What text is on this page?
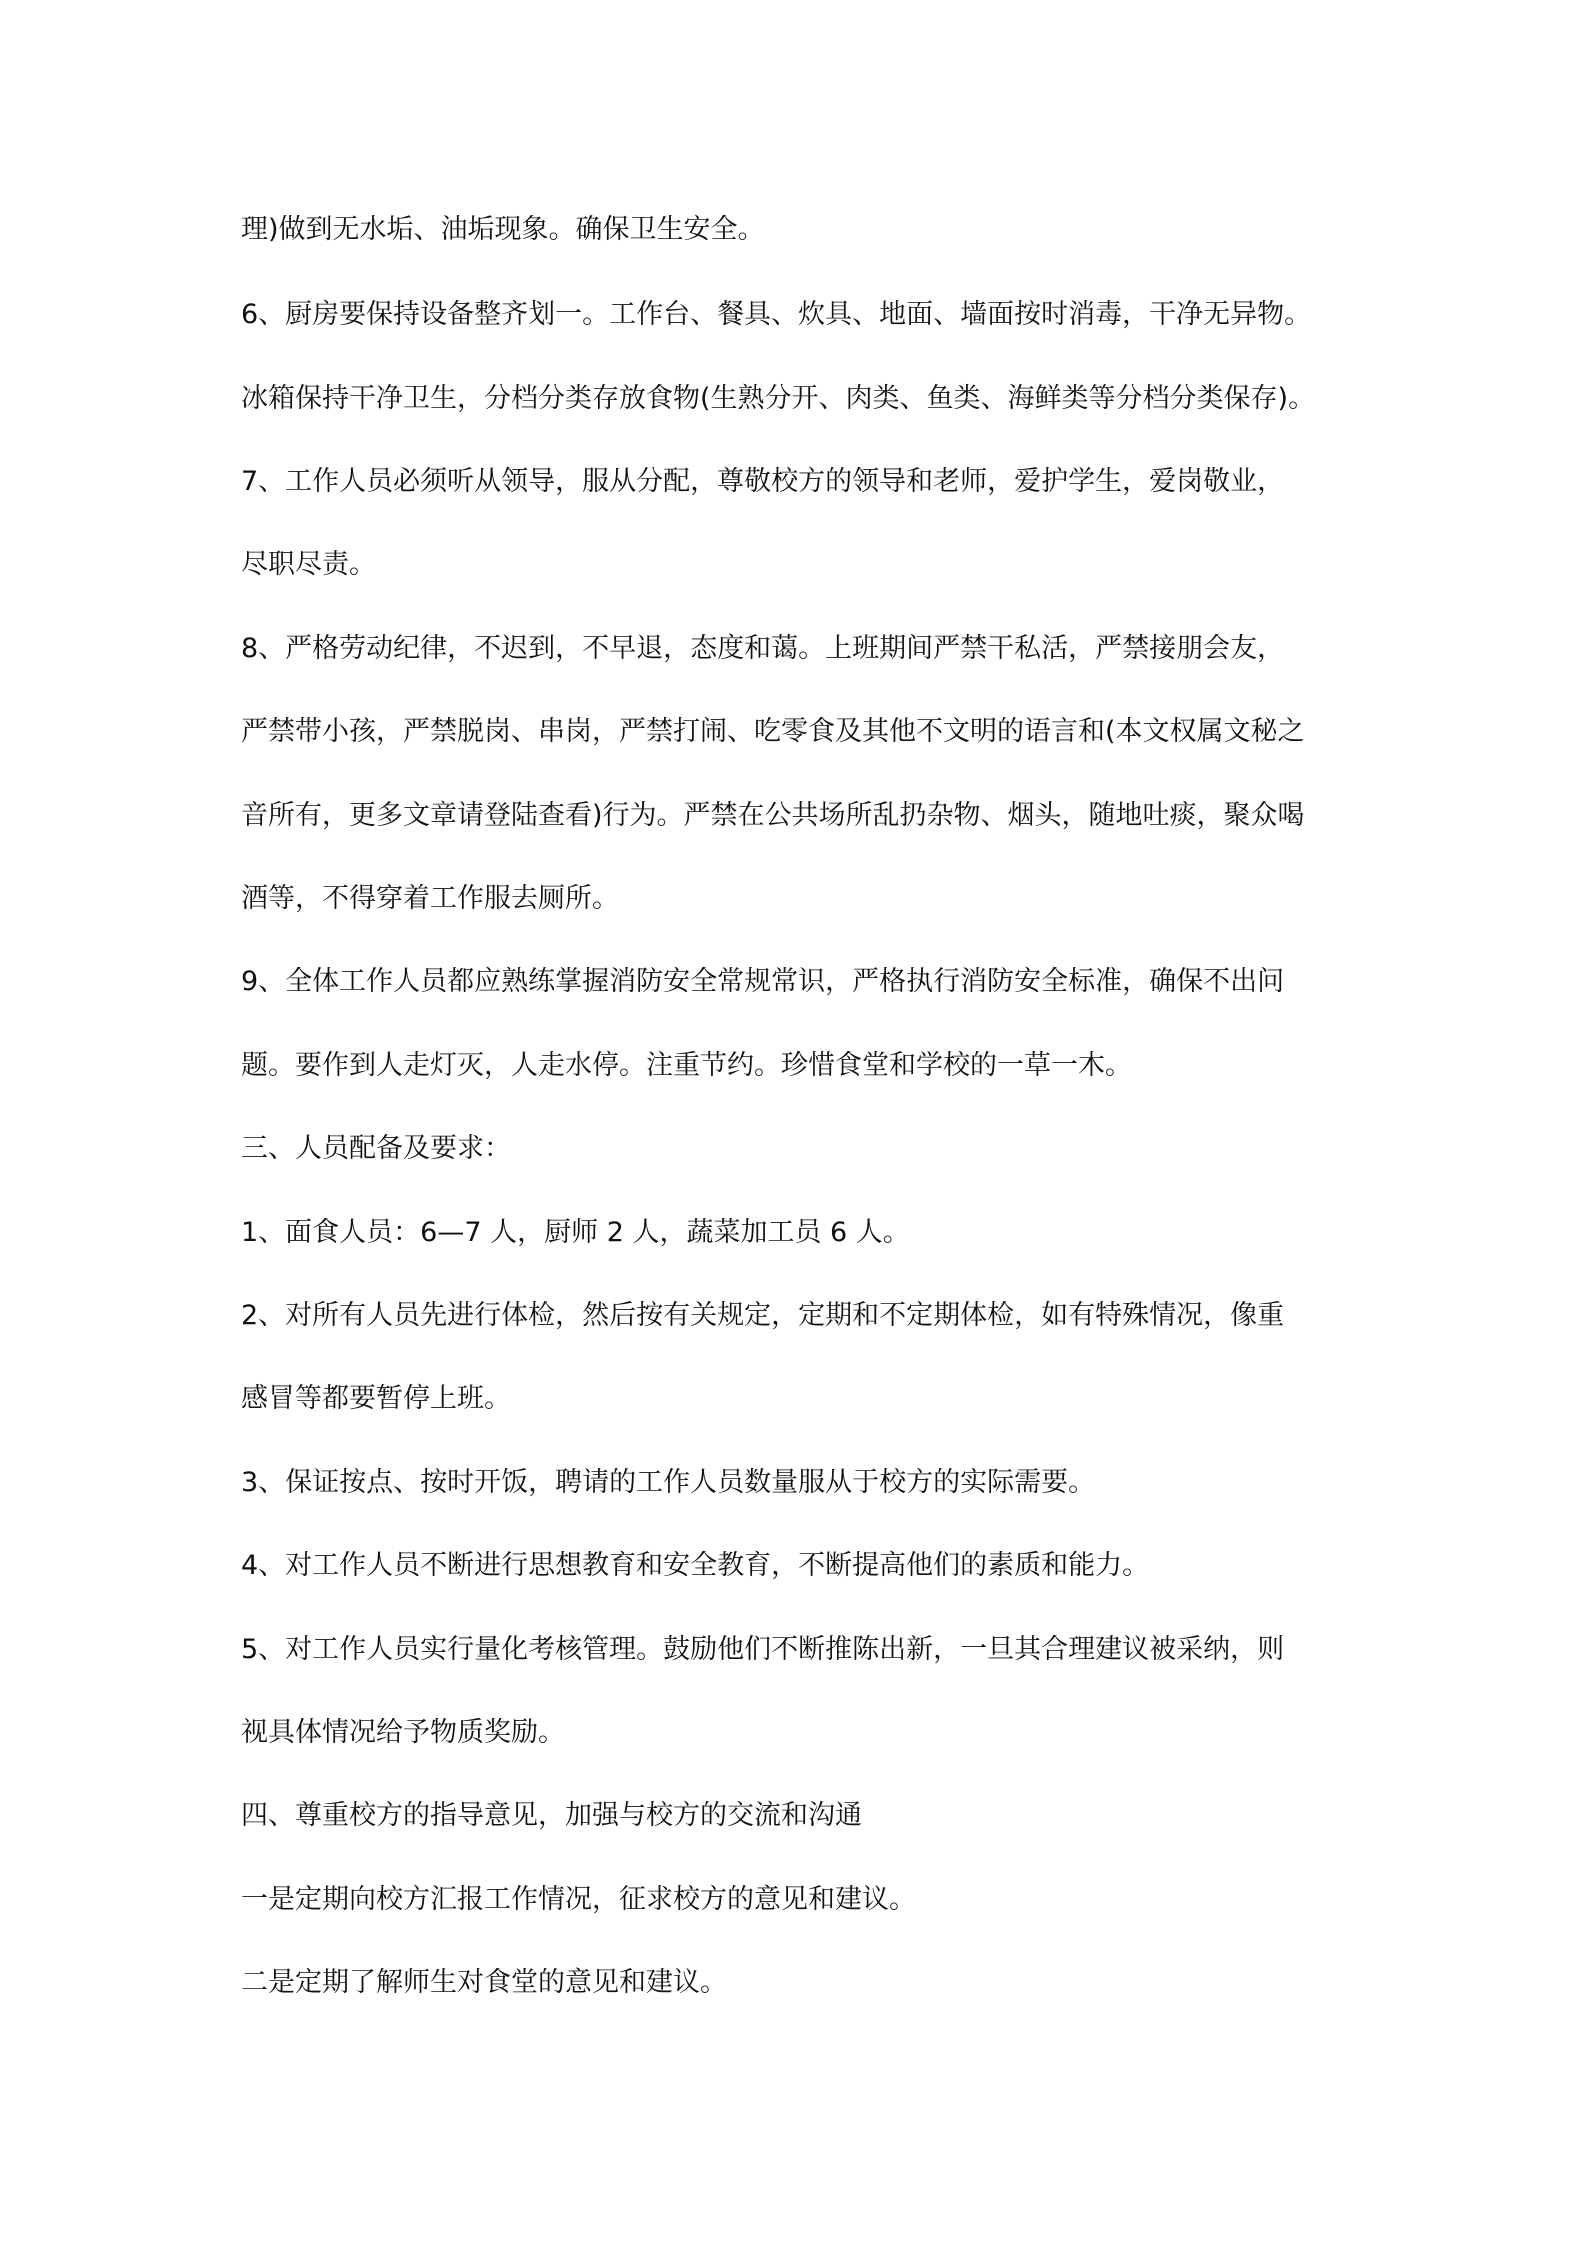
理)做到无水垢、油垢现象。确保卫生安全。
6、厨房要保持设备整齐划一。工作台、餐具、炊具、地面、墙面按时消毒，干净无异物。
冰箱保持干净卫生，分档分类存放食物(生熟分开、肉类、鱼类、海鲜类等分档分类保存)。
7、工作人员必须听从领导，服从分配，尊敬校方的领导和老师，爱护学生，爱岗敬业，
尽职尽责。
8、严格劳动纪律，不迟到，不早退，态度和蔼。上班期间严禁干私活，严禁接朋会友，
严禁带小孩，严禁脱岗、串岗，严禁打闹、吃零食及其他不文明的语言和(本文权属文秘之
音所有，更多文章请登陆查看)行为。严禁在公共场所乱扔杂物、烟头，随地吐痰，聚众喝
酒等，不得穿着工作服去厕所。
9、全体工作人员都应熟练掌握消防安全常规常识，严格执行消防安全标准，确保不出问
题。要作到人走灯灭，人走水停。注重节约。珍惜食堂和学校的一草一木。
三、人员配备及要求：
1、面食人员：6—7 人，厨师 2 人，蔬菜加工员 6 人。
2、对所有人员先进行体检，然后按有关规定，定期和不定期体检，如有特殊情况，像重
感冒等都要暂停上班。
3、保证按点、按时开饭，聘请的工作人员数量服从于校方的实际需要。
4、对工作人员不断进行思想教育和安全教育，不断提高他们的素质和能力。
5、对工作人员实行量化考核管理。鼓励他们不断推陈出新，一旦其合理建议被采纳，则
视具体情况给予物质奖励。
四、尊重校方的指导意见，加强与校方的交流和沟通
一是定期向校方汇报工作情况，征求校方的意见和建议。
二是定期了解师生对食堂的意见和建议。
